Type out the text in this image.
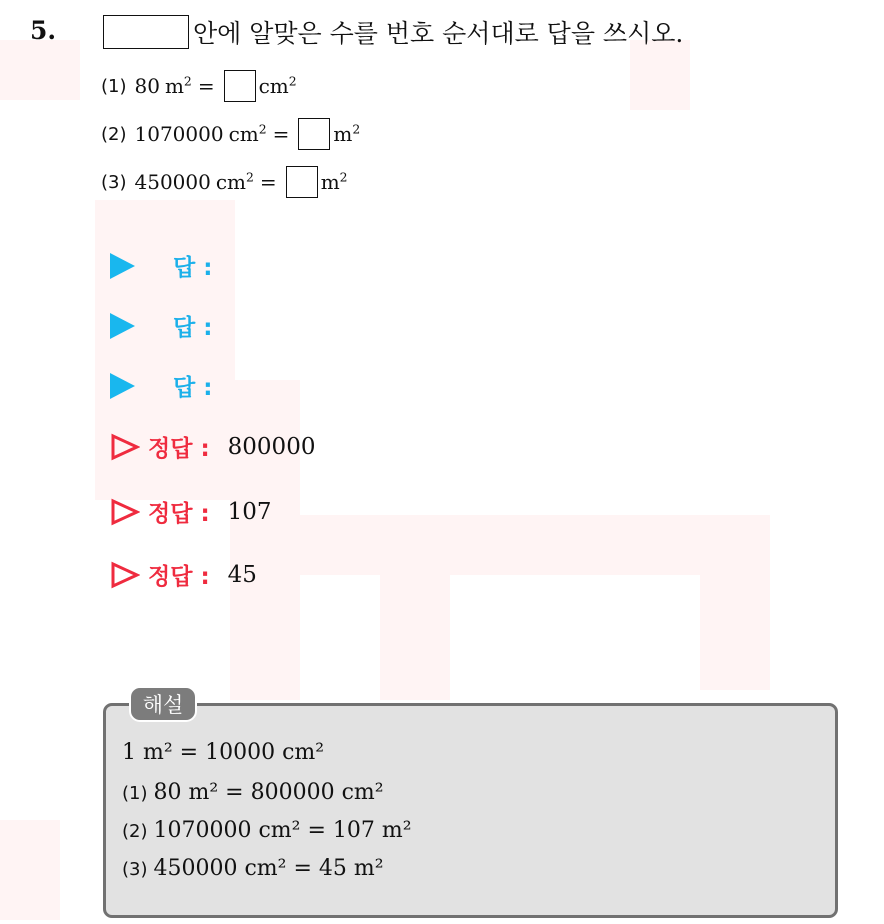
5.	안에 알맞은 수를 번호 순서대로 답을 쓰시오.
(1) 80 $m^2 = cm^2$
(2) 1070000 $cm^2 = m^2$
(3) 450000 $cm^2 = m^2$
답 :
답 :
답 :
정답 : 800000
정답 : 107
정답 : 45
해설
1 m² = 10000 cm²
(1) 80 m² = 800000 cm²
(2) 1070000 cm² = 107 m²
(3) 450000 cm² = 45 m²
